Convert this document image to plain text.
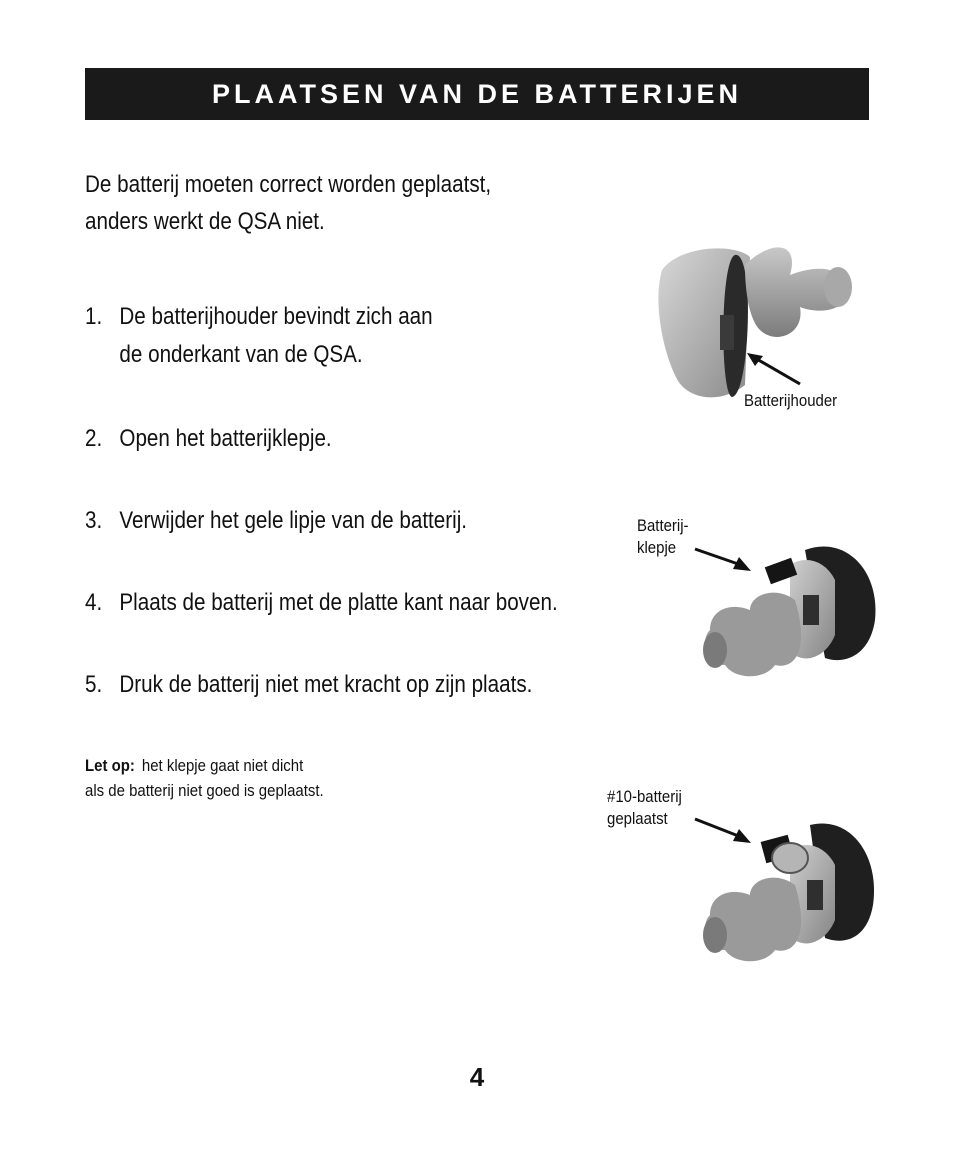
PLAATSEN VAN DE BATTERIJEN
De batterij moeten correct worden geplaatst,
anders werkt de QSA niet.
1. De batterijhouder bevindt zich aan
de onderkant van de QSA.
2. Open het batterijklepje.
3. Verwijder het gele lipje van de batterij.
4. Plaats de batterij met de platte kant naar boven.
5. Druk de batterij niet met kracht op zijn plaats.
Let op: het klepje gaat niet dicht
als de batterij niet goed is geplaatst.
Batterijhouder
Batterij-
klepje
#10-batterij
geplaatst
4
